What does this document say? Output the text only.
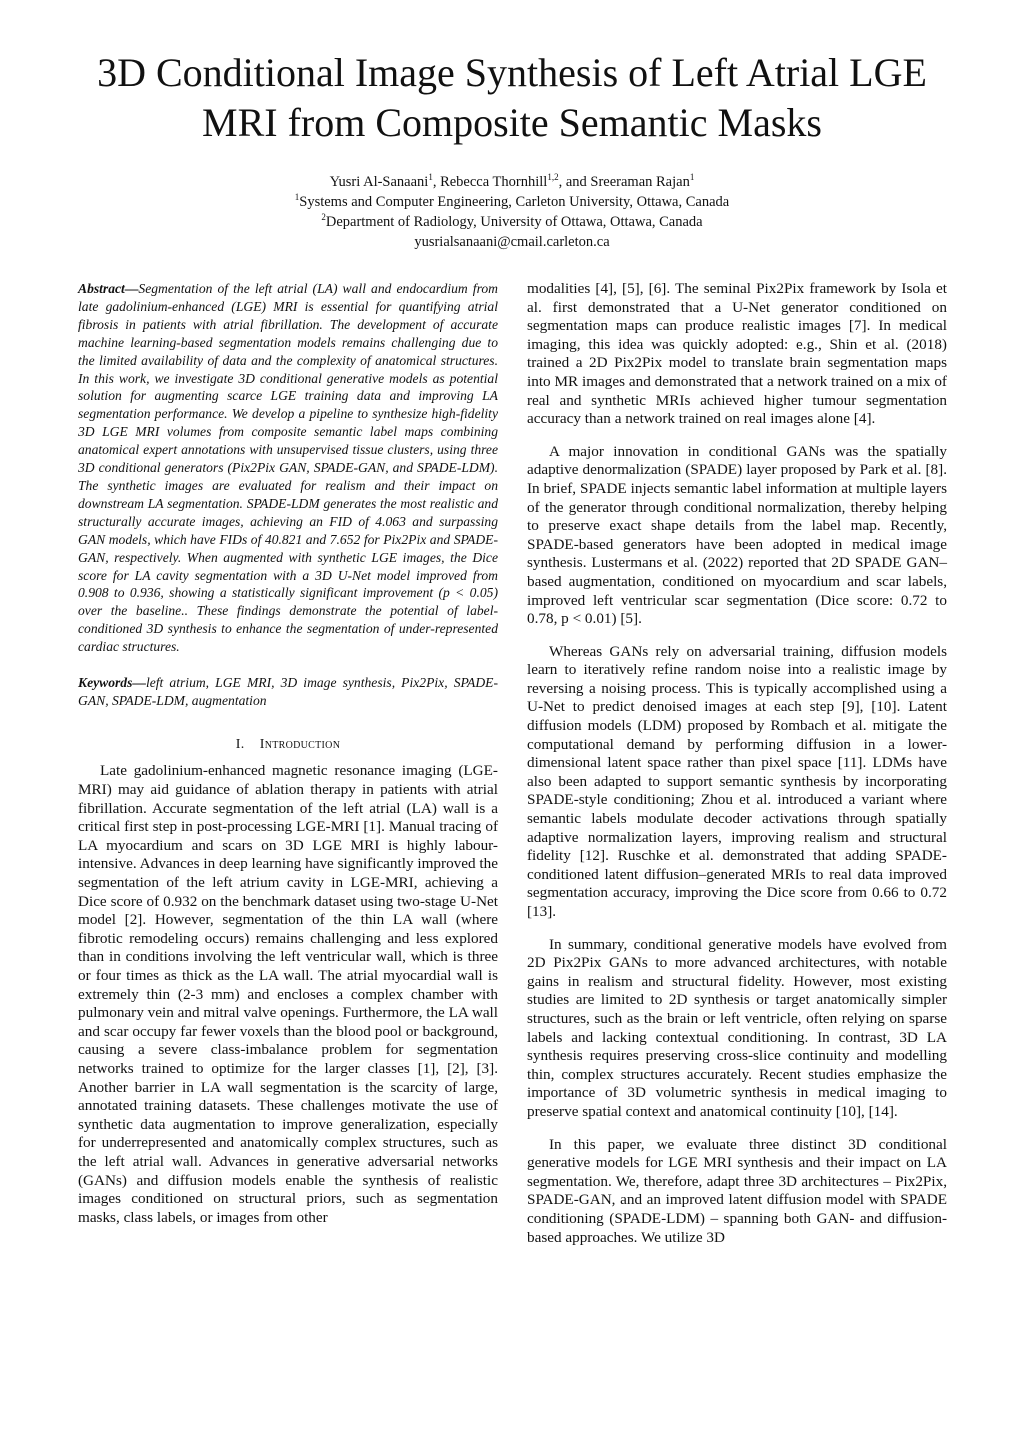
3D Conditional Image Synthesis of Left Atrial LGE MRI from Composite Semantic Masks
Yusri Al-Sanaani$^1$, Rebecca Thornhill$^{1,2}$, and Sreeraman Rajan$^1$
$^1$Systems and Computer Engineering, Carleton University, Ottawa, Canada
$^2$Department of Radiology, University of Ottawa, Ottawa, Canada
yusrialsanaani@cmail.carleton.ca

Abstract—Segmentation of the left atrial (LA) wall and endocardium from late gadolinium-enhanced (LGE) MRI is essential for quantifying atrial fibrosis in patients with atrial fibrillation. The development of accurate machine learning-based segmentation models remains challenging due to the limited availability of data and the complexity of anatomical structures. In this work, we investigate 3D conditional generative models as potential solution for augmenting scarce LGE training data and improving LA segmentation performance. We develop a pipeline to synthesize high-fidelity 3D LGE MRI volumes from composite semantic label maps combining anatomical expert annotations with unsupervised tissue clusters, using three 3D conditional generators (Pix2Pix GAN, SPADE-GAN, and SPADE-LDM). The synthetic images are evaluated for realism and their impact on downstream LA segmentation. SPADE-LDM generates the most realistic and structurally accurate images, achieving an FID of 4.063 and surpassing GAN models, which have FIDs of 40.821 and 7.652 for Pix2Pix and SPADE-GAN, respectively. When augmented with synthetic LGE images, the Dice score for LA cavity segmentation with a 3D U-Net model improved from 0.908 to 0.936, showing a statistically significant improvement (p < 0.05) over the baseline.. These findings demonstrate the potential of label-conditioned 3D synthesis to enhance the segmentation of under-represented cardiac structures.

Keywords—left atrium, LGE MRI, 3D image synthesis, Pix2Pix, SPADE-GAN, SPADE-LDM, augmentation

I. Introduction

Late gadolinium-enhanced magnetic resonance imaging (LGE-MRI) may aid guidance of ablation therapy in patients with atrial fibrillation. Accurate segmentation of the left atrial (LA) wall is a critical first step in post-processing LGE-MRI [1]. Manual tracing of LA myocardium and scars on 3D LGE MRI is highly labour-intensive. Advances in deep learning have significantly improved the segmentation of the left atrium cavity in LGE-MRI, achieving a Dice score of 0.932 on the benchmark dataset using two-stage U-Net model [2]. However, segmentation of the thin LA wall (where fibrotic remodeling occurs) remains challenging and less explored than in conditions involving the left ventricular wall, which is three or four times as thick as the LA wall. The atrial myocardial wall is extremely thin (2-3 mm) and encloses a complex chamber with pulmonary vein and mitral valve openings. Furthermore, the LA wall and scar occupy far fewer voxels than the blood pool or background, causing a severe class-imbalance problem for segmentation networks trained to optimize for the larger classes [1], [2], [3]. Another barrier in LA wall segmentation is the scarcity of large, annotated training datasets. These challenges motivate the use of synthetic data augmentation to improve generalization, especially for underrepresented and anatomically complex structures, such as the left atrial wall. Advances in generative adversarial networks (GANs) and diffusion models enable the synthesis of realistic images conditioned on structural priors, such as segmentation masks, class labels, or images from other

modalities [4], [5], [6]. The seminal Pix2Pix framework by Isola et al. first demonstrated that a U-Net generator conditioned on segmentation maps can produce realistic images [7]. In medical imaging, this idea was quickly adopted: e.g., Shin et al. (2018) trained a 2D Pix2Pix model to translate brain segmentation maps into MR images and demonstrated that a network trained on a mix of real and synthetic MRIs achieved higher tumour segmentation accuracy than a network trained on real images alone [4].

A major innovation in conditional GANs was the spatially adaptive denormalization (SPADE) layer proposed by Park et al. [8]. In brief, SPADE injects semantic label information at multiple layers of the generator through conditional normalization, thereby helping to preserve exact shape details from the label map. Recently, SPADE-based generators have been adopted in medical image synthesis. Lustermans et al. (2022) reported that 2D SPADE GAN–based augmentation, conditioned on myocardium and scar labels, improved left ventricular scar segmentation (Dice score: 0.72 to 0.78, p < 0.01) [5].

Whereas GANs rely on adversarial training, diffusion models learn to iteratively refine random noise into a realistic image by reversing a noising process. This is typically accomplished using a U-Net to predict denoised images at each step [9], [10]. Latent diffusion models (LDM) proposed by Rombach et al. mitigate the computational demand by performing diffusion in a lower-dimensional latent space rather than pixel space [11]. LDMs have also been adapted to support semantic synthesis by incorporating SPADE-style conditioning; Zhou et al. introduced a variant where semantic labels modulate decoder activations through spatially adaptive normalization layers, improving realism and structural fidelity [12]. Ruschke et al. demonstrated that adding SPADE-conditioned latent diffusion–generated MRIs to real data improved segmentation accuracy, improving the Dice score from 0.66 to 0.72 [13].

In summary, conditional generative models have evolved from 2D Pix2Pix GANs to more advanced architectures, with notable gains in realism and structural fidelity. However, most existing studies are limited to 2D synthesis or target anatomically simpler structures, such as the brain or left ventricle, often relying on sparse labels and lacking contextual conditioning. In contrast, 3D LA synthesis requires preserving cross-slice continuity and modelling thin, complex structures accurately. Recent studies emphasize the importance of 3D volumetric synthesis in medical imaging to preserve spatial context and anatomical continuity [10], [14].

In this paper, we evaluate three distinct 3D conditional generative models for LGE MRI synthesis and their impact on LA segmentation. We, therefore, adapt three 3D architectures – Pix2Pix, SPADE-GAN, and an improved latent diffusion model with SPADE conditioning (SPADE-LDM) – spanning both GAN- and diffusion-based approaches. We utilize 3D
